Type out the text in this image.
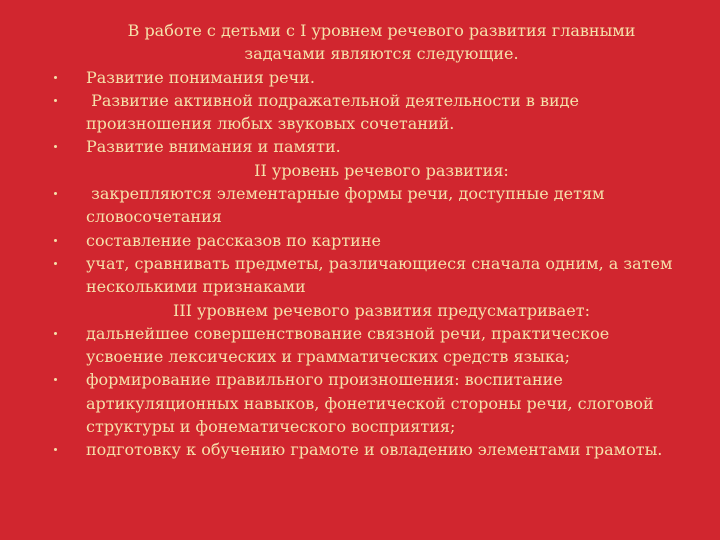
В работе с детьми с I уровнем речевого развития главными задачами являются следующие.

Развитие понимания речи.
Развитие активной подражательной деятельности в виде произношения любых звуковых сочетаний.
Развитие внимания и памяти.

II уровень речевого развития:

закрепляются элементарные формы речи, доступные детям словосочетания
составление рассказов по картине
учат, сравнивать предметы, различающиеся сначала одним, а затем несколькими признаками

III уровнем речевого развития предусматривает:

дальнейшее совершенствование связной речи, практическое усвоение лексических и грамматических средств языка;
формирование правильного произношения: воспитание артикуляционных навыков, фонетической стороны речи, слоговой структуры и фонематического восприятия;
подготовку к обучению грамоте и овладению элементами грамоты.
